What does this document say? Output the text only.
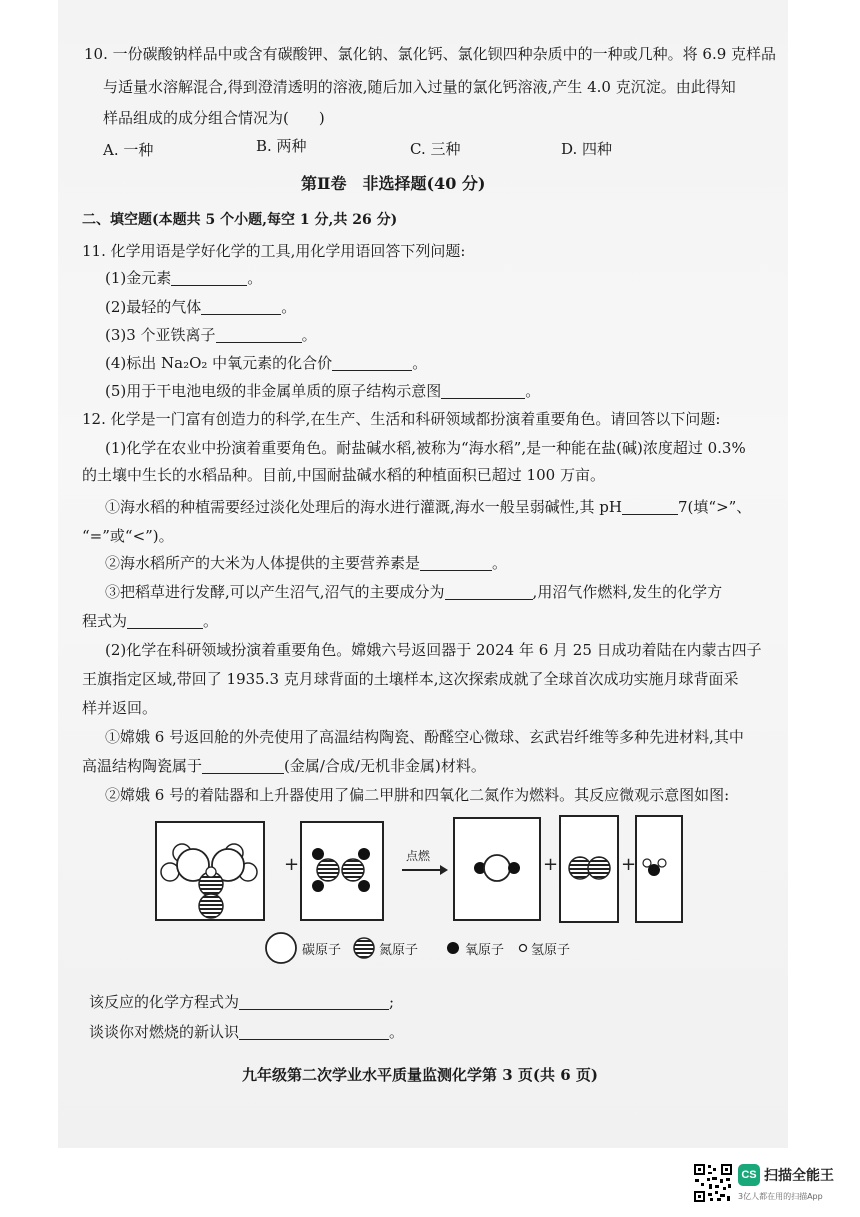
10. 一份碳酸钠样品中或含有碳酸钾、氯化钠、氯化钙、氯化钡四种杂质中的一种或几种。将 6.9 克样品
与适量水溶解混合,得到澄清透明的溶液,随后加入过量的氯化钙溶液,产生 4.0 克沉淀。由此得知
样品组成的成分组合情况为(　　)
A. 一种	B. 两种	C. 三种	D. 四种
第Ⅱ卷　非选择题(40 分)
二、填空题(本题共 5 个小题,每空 1 分,共 26 分)
11. 化学用语是学好化学的工具,用化学用语回答下列问题:
(1)金元素	。
(2)最轻的气体	。
(3)3 个亚铁离子	。
(4)标出 Na₂O₂ 中氧元素的化合价	。
(5)用于干电池电级的非金属单质的原子结构示意图	。
12. 化学是一门富有创造力的科学,在生产、生活和科研领域都扮演着重要角色。请回答以下问题:
(1)化学在农业中扮演着重要角色。耐盐碱水稻,被称为“海水稻”,是一种能在盐(碱)浓度超过 0.3%
的土壤中生长的水稻品种。目前,中国耐盐碱水稻的种植面积已超过 100 万亩。
①海水稻的种植需要经过淡化处理后的海水进行灌溉,海水一般呈弱碱性,其 pH	7(填“>”、
“=”或“<”)。
②海水稻所产的大米为人体提供的主要营养素是	。
③把稻草进行发酵,可以产生沼气,沼气的主要成分为	,用沼气作燃料,发生的化学方
程式为	。
(2)化学在科研领域扮演着重要角色。嫦娥六号返回器于 2024 年 6 月 25 日成功着陆在内蒙古四子
王旗指定区域,带回了 1935.3 克月球背面的土壤样本,这次探索成就了全球首次成功实施月球背面采
样并返回。
①嫦娥 6 号返回舱的外壳使用了高温结构陶瓷、酚醛空心微球、玄武岩纤维等多种先进材料,其中
高温结构陶瓷属于	(金属/合成/无机非金属)材料。
②嫦娥 6 号的着陆器和上升器使用了偏二甲肼和四氧化二氮作为燃料。其反应微观示意图如图:
该反应的化学方程式为	;
谈谈你对燃烧的新认识	。
九年级第二次学业水平质量监测化学第 3 页(共 6 页)
+	点燃	+	+
碳原子	氮原子	氧原子 氢原子
CS 扫描全能王
3亿人都在用的扫描App
